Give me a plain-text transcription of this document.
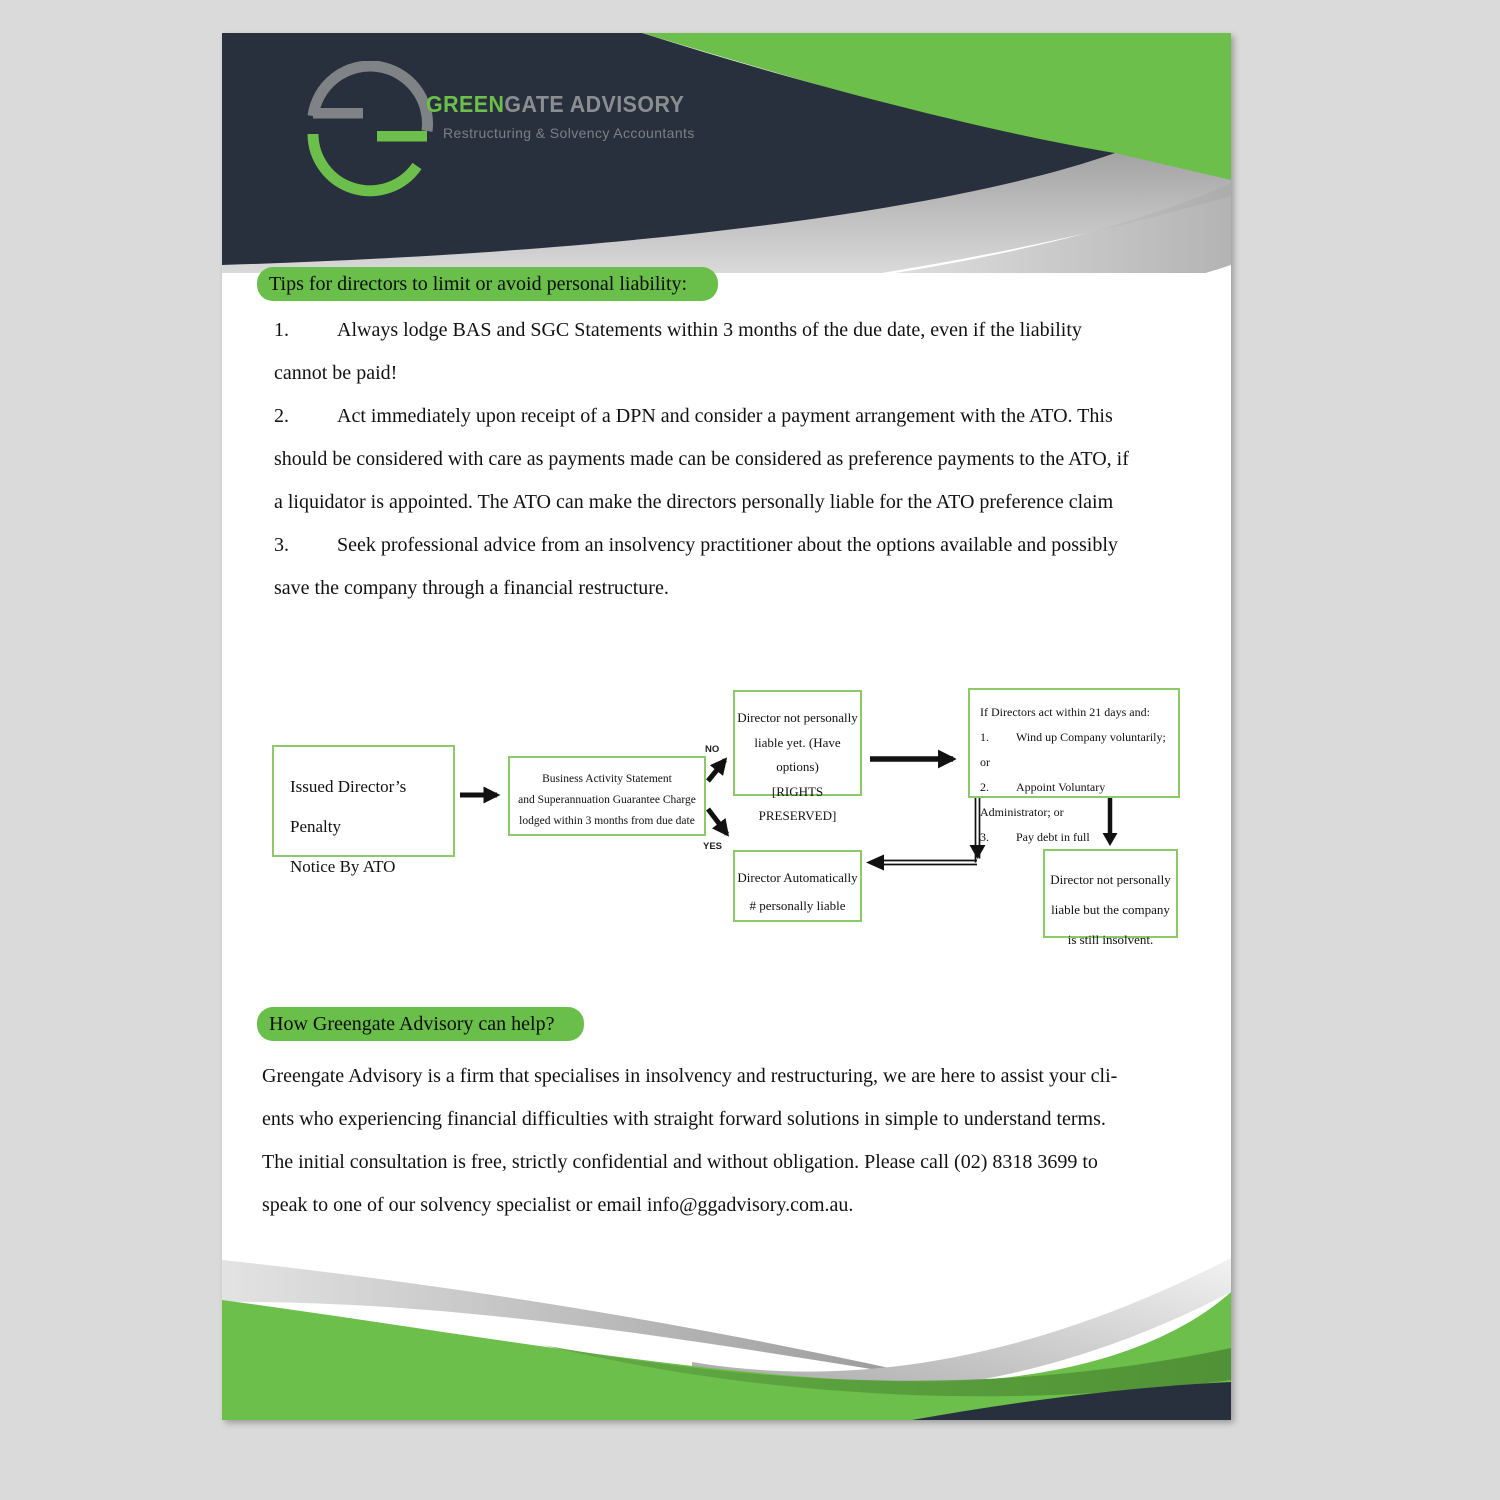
GREENGATE ADVISORY
Restructuring & Solvency Accountants
Tips for directors to limit or avoid personal liability:
1. Always lodge BAS and SGC Statements within 3 months of the due date, even if the liability
cannot be paid!
2. Act immediately upon receipt of a DPN and consider a payment arrangement with the ATO. This
should be considered with care as payments made can be considered as preference payments to the ATO, if
a liquidator is appointed. The ATO can make the directors personally liable for the ATO preference claim
3. Seek professional advice from an insolvency practitioner about the options available and possibly
save the company through a financial restructure.
Issued Director’s Penalty
Notice By ATO
Business Activity Statement
and Superannuation Guarantee Charge
lodged within 3 months from due date
NO
YES
Director not personally
liable yet. (Have options)
[RIGHTS PRESERVED]
If Directors act within 21 days and:
1. Wind up Company voluntarily; or
2. Appoint Voluntary Administrator; or
3. Pay debt in full
Director Automatically
# personally liable
Director not personally
liable but the company
is still insolvent.
How Greengate Advisory can help?
Greengate Advisory is a firm that specialises in insolvency and restructuring, we are here to assist your cli-
ents who experiencing financial difficulties with straight forward solutions in simple to understand terms.
The initial consultation is free, strictly confidential and without obligation. Please call (02) 8318 3699 to
speak to one of our solvency specialist or email info@ggadvisory.com.au.
